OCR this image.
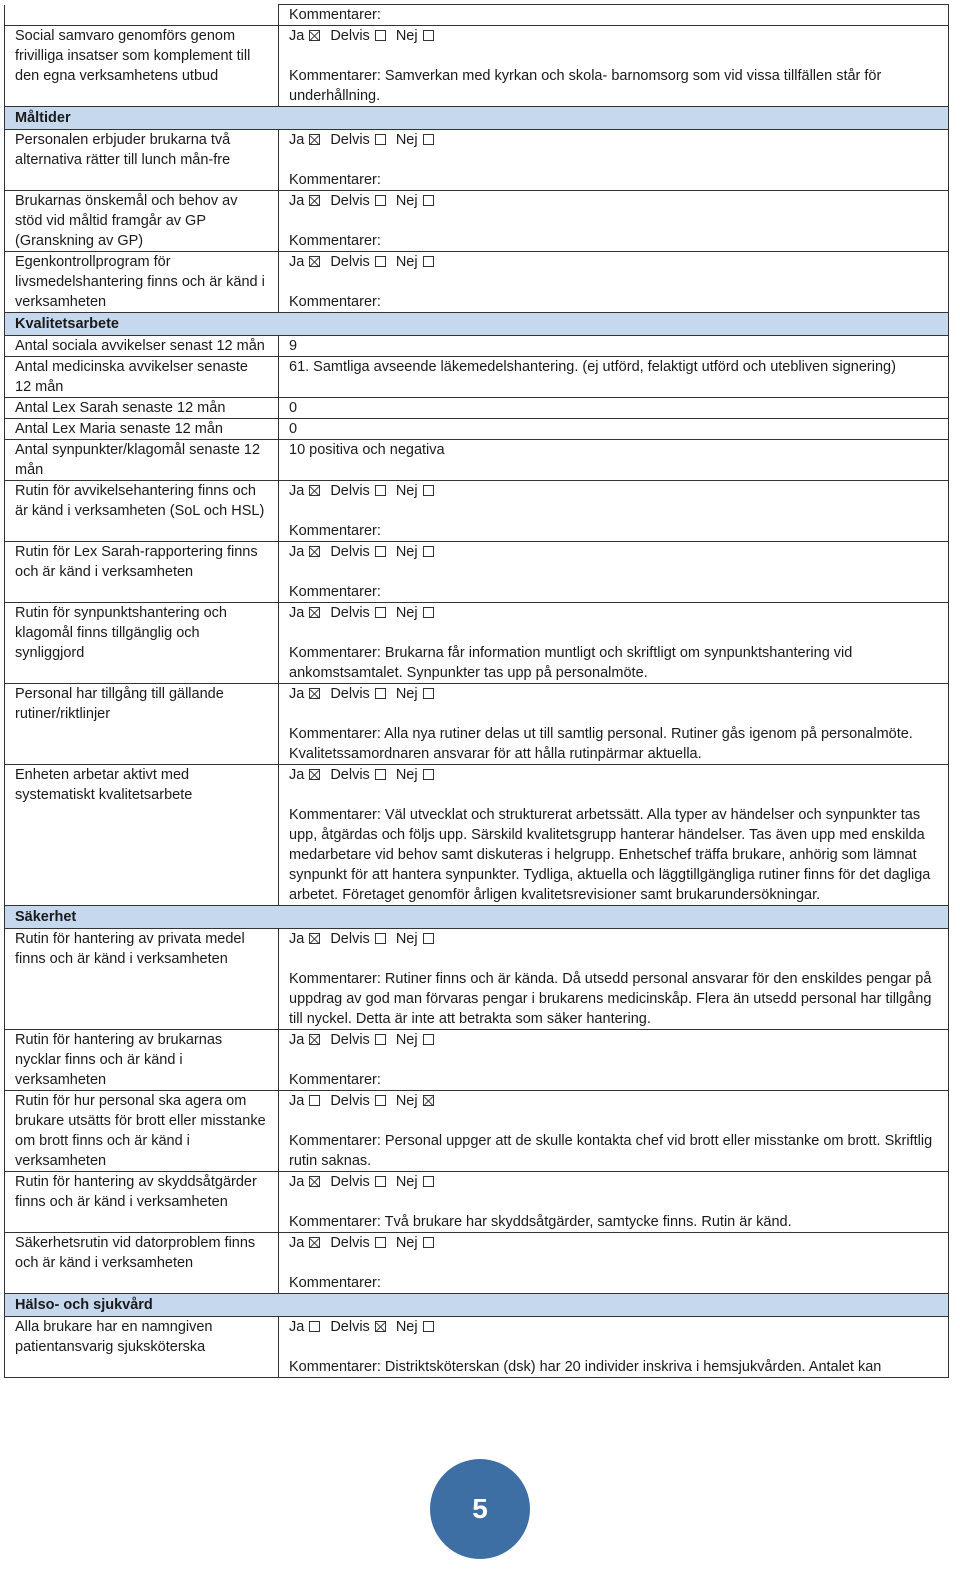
	Kommentarer:
Social samvaro genomförs genom frivilliga insatser som komplement till den egna verksamhetens utbud	Ja Delvis Nej
Kommentarer: Samverkan med kyrkan och skola- barnomsorg som vid vissa tillfällen står för underhållning.

Måltider	
Personalen erbjuder brukarna två alternativa rätter till lunch mån-fre	Ja Delvis Nej
Kommentarer:

Brukarnas önskemål och behov av stöd vid måltid framgår av GP (Granskning av GP)	Ja Delvis Nej
Kommentarer:

Egenkontrollprogram för livsmedelshantering finns och är känd i verksamheten	Ja Delvis Nej
Kommentarer:

Kvalitetsarbete	
Antal sociala avvikelser senast 12 mån	9
Antal medicinska avvikelser senaste 12 mån	61. Samtliga avseende läkemedelshantering. (ej utförd, felaktigt utförd och utebliven signering)
Antal Lex Sarah senaste 12 mån	0
Antal Lex Maria senaste 12 mån	0
Antal synpunkter/klagomål senaste 12 mån	10 positiva och negativa
Rutin för avvikelsehantering finns och är känd i verksamheten (SoL och HSL)	Ja Delvis Nej
Kommentarer:

Rutin för Lex Sarah-rapportering finns och är känd i verksamheten	Ja Delvis Nej
Kommentarer:

Rutin för synpunktshantering och klagomål finns tillgänglig och synliggjord	Ja Delvis Nej
Kommentarer: Brukarna får information muntligt och skriftligt om synpunktshantering vid ankomstsamtalet. Synpunkter tas upp på personalmöte.

Personal har tillgång till gällande rutiner/riktlinjer	Ja Delvis Nej
Kommentarer: Alla nya rutiner delas ut till samtlig personal. Rutiner gås igenom på personalmöte. Kvalitetssamordnaren ansvarar för att hålla rutinpärmar aktuella.

Enheten arbetar aktivt med systematiskt kvalitetsarbete	Ja Delvis Nej
Kommentarer: Väl utvecklat och strukturerat arbetssätt. Alla typer av händelser och synpunkter tas upp, åtgärdas och följs upp. Särskild kvalitetsgrupp hanterar händelser. Tas även upp med enskilda medarbetare vid behov samt diskuteras i helgrupp. Enhetschef träffa brukare, anhörig som lämnat synpunkt för att hantera synpunkter. Tydliga, aktuella och läggtillgängliga rutiner finns för det dagliga arbetet. Företaget genomför årligen kvalitetsrevisioner samt brukarundersökningar.

Säkerhet	
Rutin för hantering av privata medel finns och är känd i verksamheten	Ja Delvis Nej
Kommentarer: Rutiner finns och är kända. Då utsedd personal ansvarar för den enskildes pengar på uppdrag av god man förvaras pengar i brukarens medicinskåp. Flera än utsedd personal har tillgång till nyckel. Detta är inte att betrakta som säker hantering.

Rutin för hantering av brukarnas nycklar finns och är känd i verksamheten	Ja Delvis Nej
Kommentarer:

Rutin för hur personal ska agera om brukare utsätts för brott eller misstanke om brott finns och är känd i verksamheten	Ja Delvis Nej
Kommentarer: Personal uppger att de skulle kontakta chef vid brott eller misstanke om brott. Skriftlig rutin saknas.

Rutin för hantering av skyddsåtgärder finns och är känd i verksamheten	Ja Delvis Nej
Kommentarer: Två brukare har skyddsåtgärder, samtycke finns. Rutin är känd.

Säkerhetsrutin vid datorproblem finns och är känd i verksamheten	Ja Delvis Nej
Kommentarer:

Hälso- och sjukvård	
Alla brukare har en namngiven patientansvarig sjuksköterska	Ja Delvis Nej
Kommentarer: Distriktsköterskan (dsk) har 20 individer inskriva i hemsjukvården. Antalet kan
5
